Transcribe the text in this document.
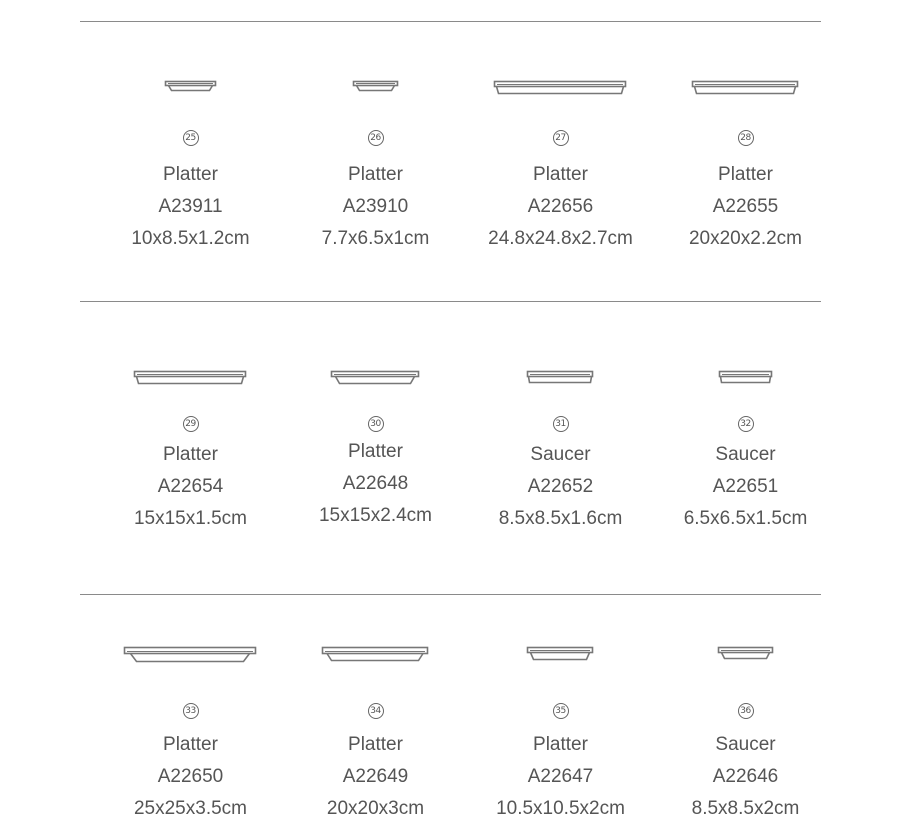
25
Platter
A23911
10x8.5x1.2cm
26
Platter
A23910
7.7x6.5x1cm
27
Platter
A22656
24.8x24.8x2.7cm
28
Platter
A22655
20x20x2.2cm
29
Platter
A22654
15x15x1.5cm
30
Platter
A22648
15x15x2.4cm
31
Saucer
A22652
8.5x8.5x1.6cm
32
Saucer
A22651
6.5x6.5x1.5cm
33
Platter
A22650
25x25x3.5cm
34
Platter
A22649
20x20x3cm
35
Platter
A22647
10.5x10.5x2cm
36
Saucer
A22646
8.5x8.5x2cm
